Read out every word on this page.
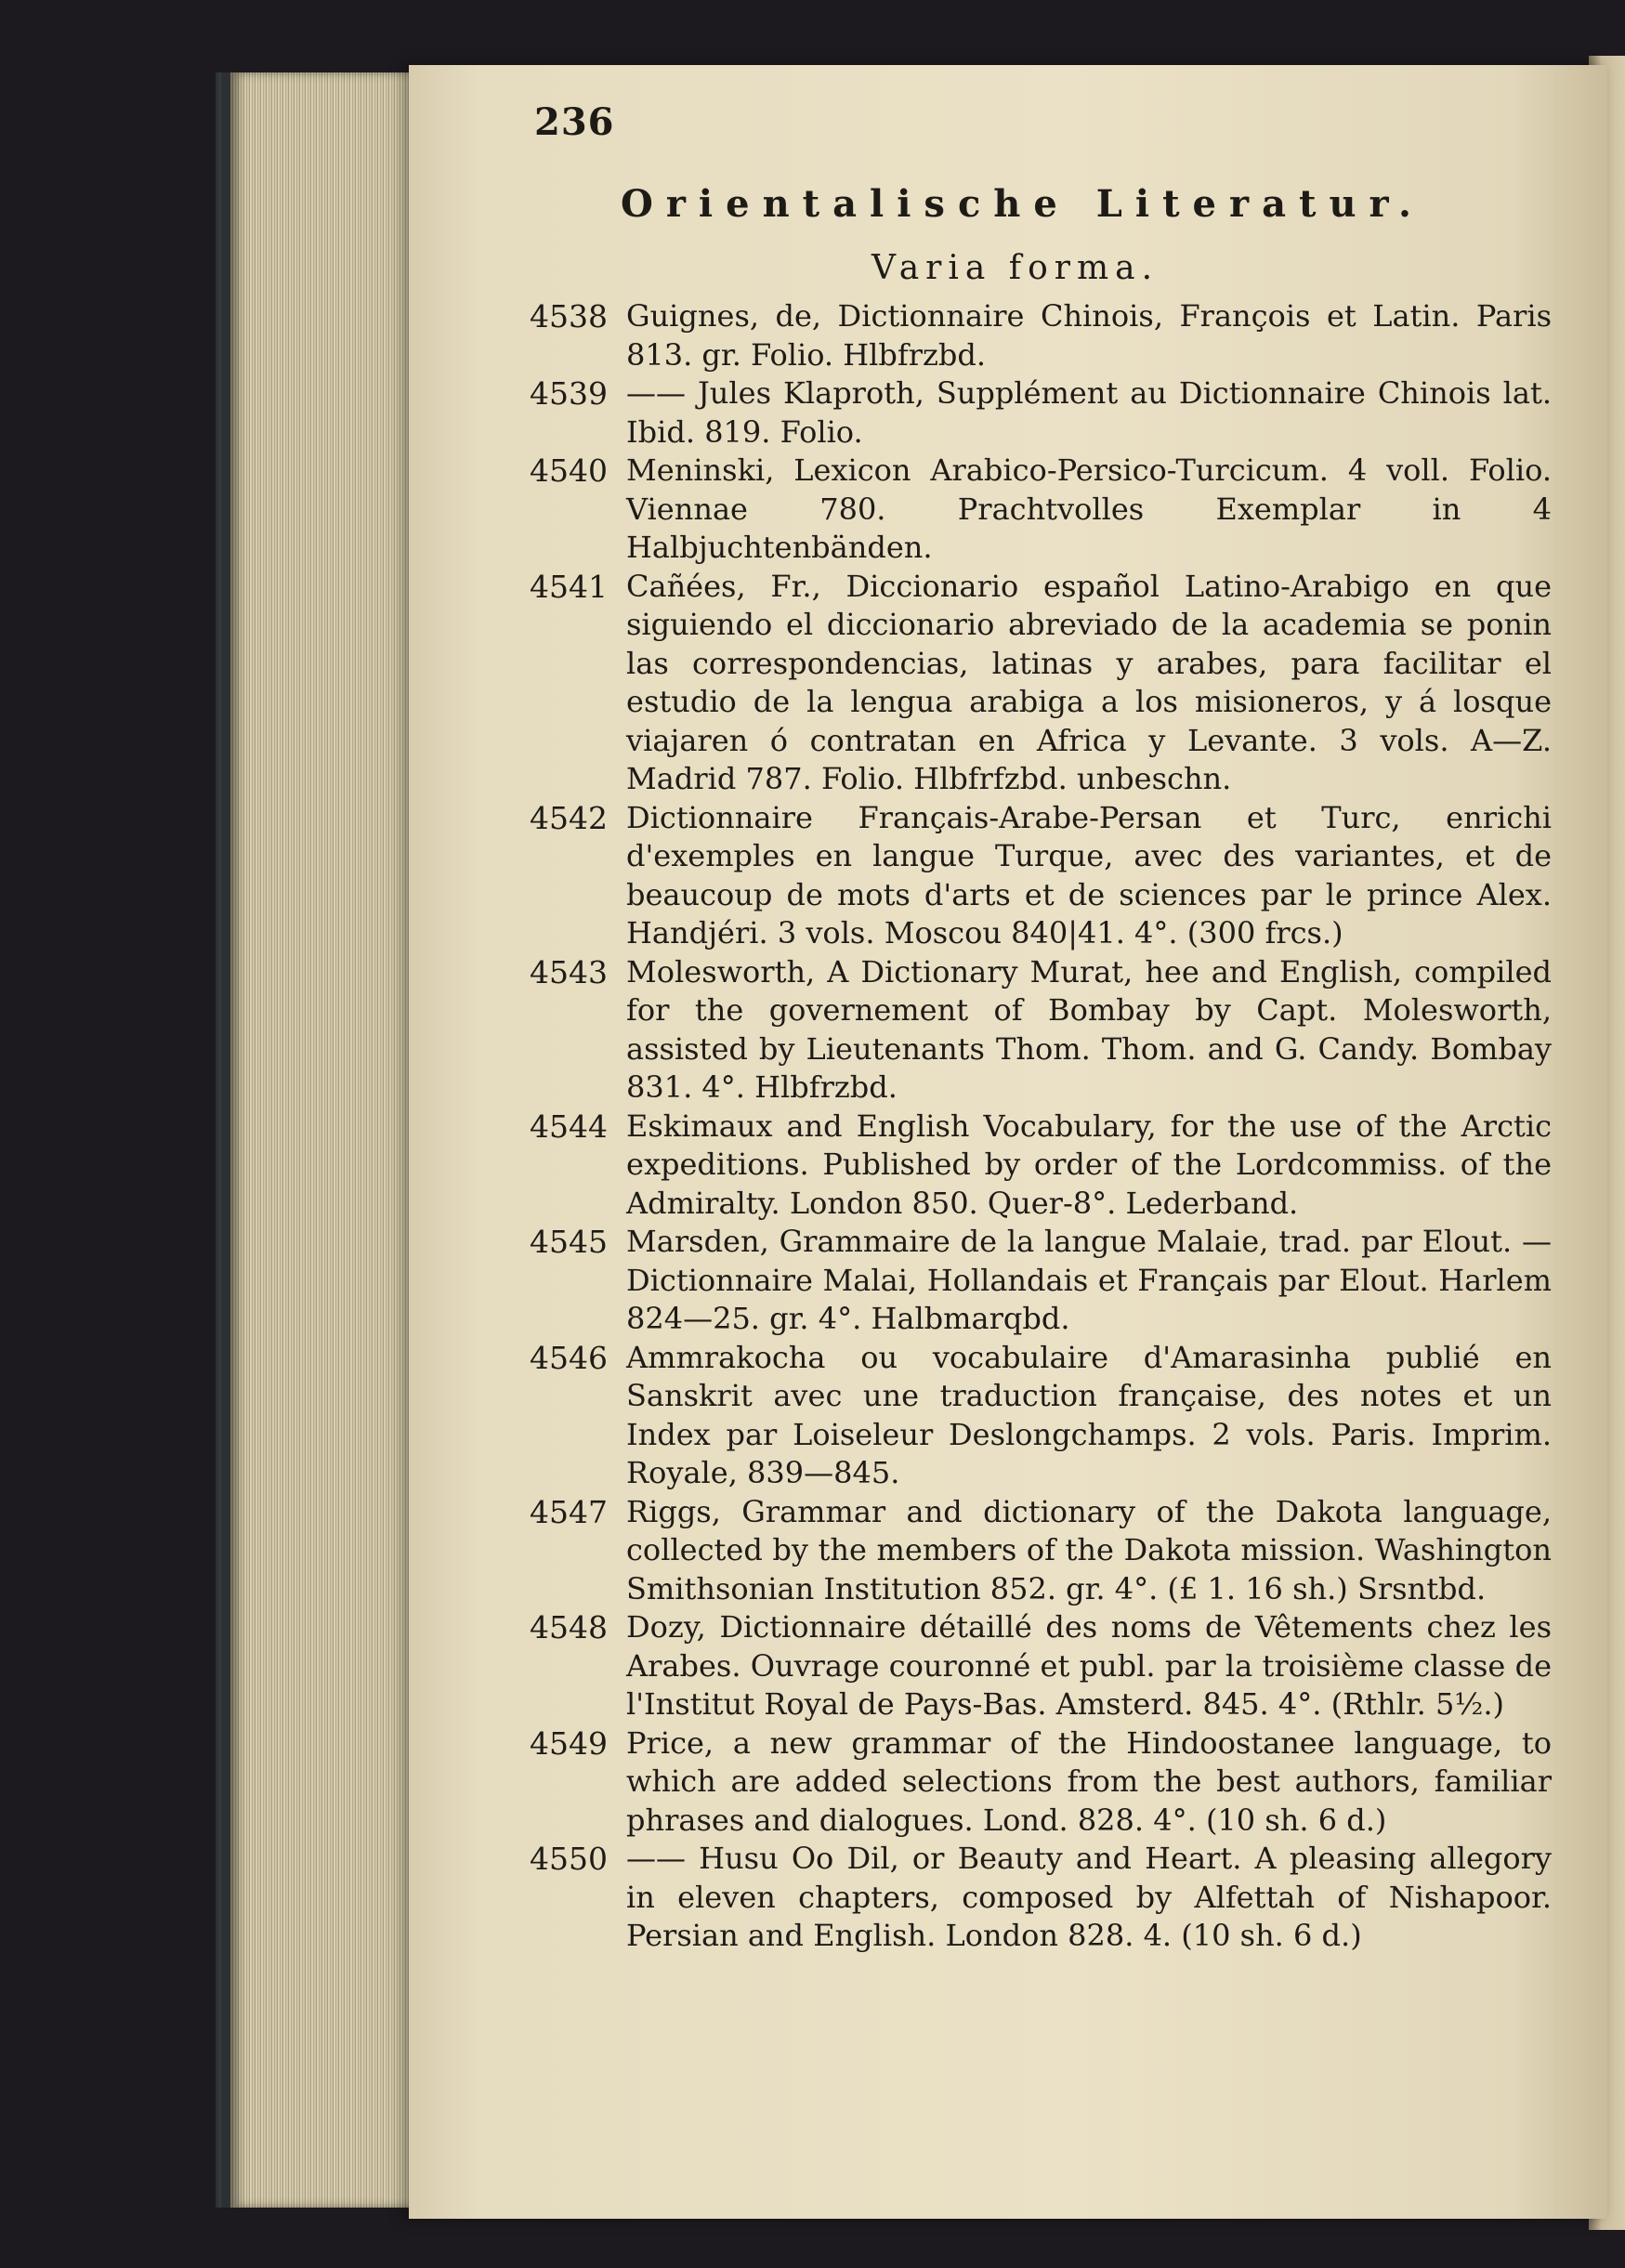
236
Orientalische Literatur.
Varia forma.
4538 Guignes, de, Dictionnaire Chinois, François et Latin. Paris 813. gr. Folio. Hlbfrzbd.
4539 —— Jules Klaproth, Supplément au Dictionnaire Chinois lat. Ibid. 819. Folio.
4540 Meninski, Lexicon Arabico-Persico-Turcicum. 4 voll. Folio. Viennae 780. Prachtvolles Exemplar in 4 Halbjuchtenbänden.
4541 Cañées, Fr., Diccionario español Latino-Arabigo en que siguiendo el diccionario abreviado de la academia se ponin las correspondencias, latinas y arabes, para facilitar el estudio de la lengua arabiga a los misioneros, y á losque viajaren ó contratan en Africa y Levante. 3 vols. A—Z. Madrid 787. Folio. Hlbfrfzbd. unbeschn.
4542 Dictionnaire Français-Arabe-Persan et Turc, enrichi d'exemples en langue Turque, avec des variantes, et de beaucoup de mots d'arts et de sciences par le prince Alex. Handjéri. 3 vols. Moscou 840|41. 4°. (300 frcs.)
4543 Molesworth, A Dictionary Murat, hee and English, compiled for the governement of Bombay by Capt. Molesworth, assisted by Lieutenants Thom. Thom. and G. Candy. Bombay 831. 4°. Hlbfrzbd.
4544 Eskimaux and English Vocabulary, for the use of the Arctic expeditions. Published by order of the Lordcommiss. of the Admiralty. London 850. Quer-8°. Lederband.
4545 Marsden, Grammaire de la langue Malaie, trad. par Elout. — Dictionnaire Malai, Hollandais et Français par Elout. Harlem 824—25. gr. 4°. Halbmarqbd.
4546 Ammrakocha ou vocabulaire d'Amarasinha publié en Sanskrit avec une traduction française, des notes et un Index par Loiseleur Deslongchamps. 2 vols. Paris. Imprim. Royale, 839—845.
4547 Riggs, Grammar and dictionary of the Dakota language, collected by the members of the Dakota mission. Washington Smithsonian Institution 852. gr. 4°. (£ 1. 16 sh.) Srsntbd.
4548 Dozy, Dictionnaire détaillé des noms de Vêtements chez les Arabes. Ouvrage couronné et publ. par la troisième classe de l'Institut Royal de Pays-Bas. Amsterd. 845. 4°. (Rthlr. 5½.)
4549 Price, a new grammar of the Hindoostanee language, to which are added selections from the best authors, familiar phrases and dialogues. Lond. 828. 4°. (10 sh. 6 d.)
4550 —— Husu Oo Dil, or Beauty and Heart. A pleasing allegory in eleven chapters, composed by Alfettah of Nishapoor. Persian and English. London 828. 4. (10 sh. 6 d.)
